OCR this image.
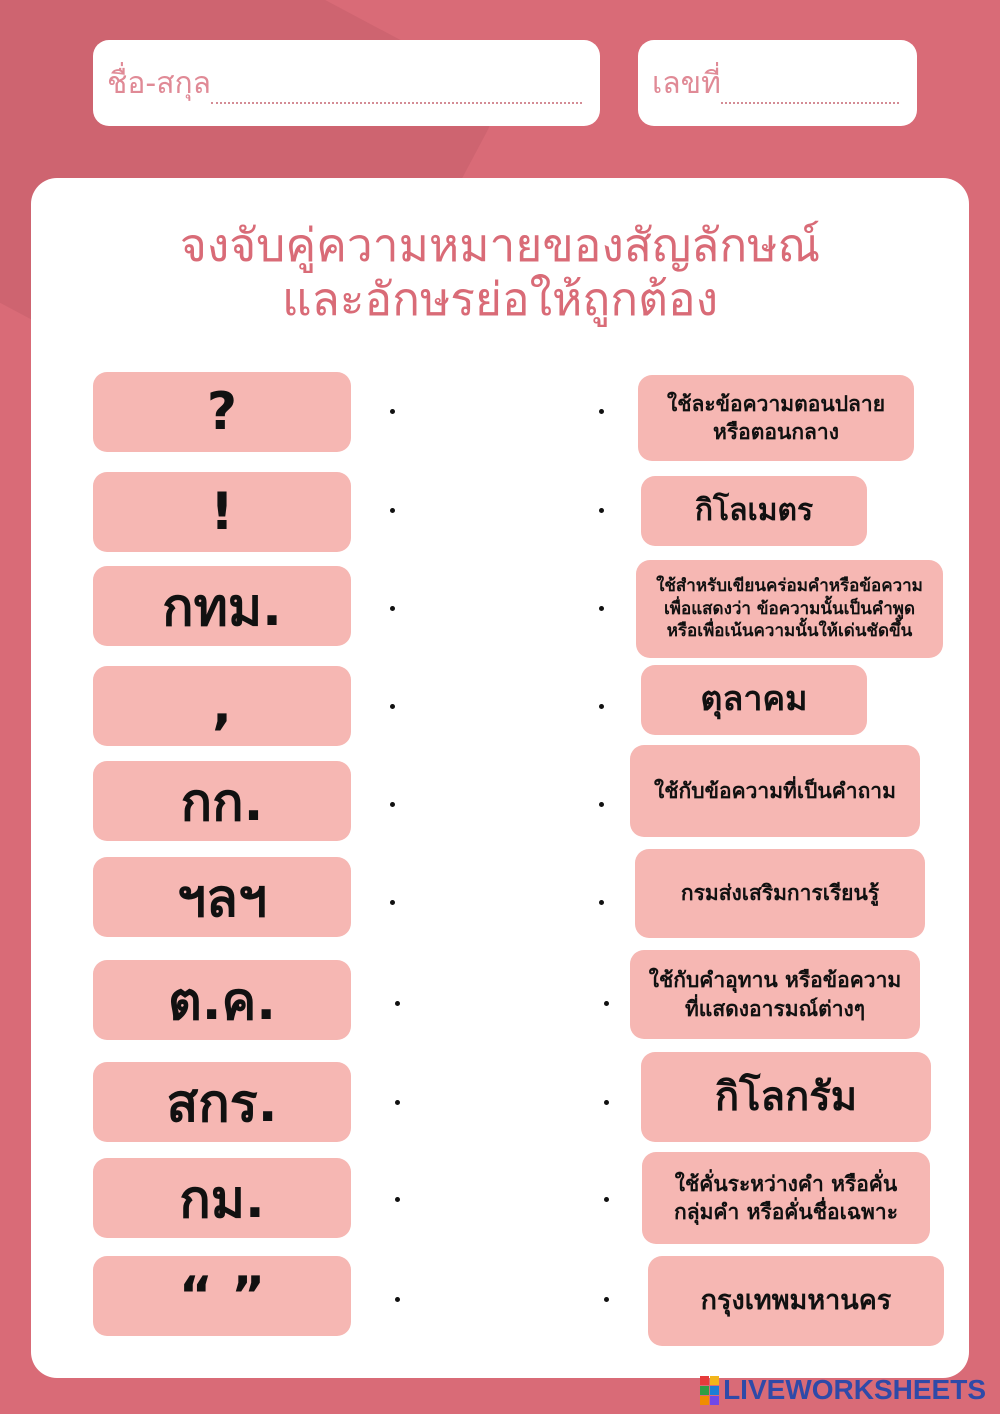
ชื่อ-สกุล	เลขที่
จงจับคู่ความหมายของสัญลักษณ์
และอักษรย่อให้ถูกต้อง
?
!
กทม.
,
กก.
ฯลฯ
ต.ค.
สกร.
กม.
“ ”
ใช้ละข้อความตอนปลาย
หรือตอนกลาง
กิโลเมตร
ใช้สำหรับเขียนคร่อมคำหรือข้อความ
เพื่อแสดงว่า ข้อความนั้นเป็นคำพูด
หรือเพื่อเน้นความนั้นให้เด่นชัดขึ้น
ตุลาคม
ใช้กับข้อความที่เป็นคำถาม
กรมส่งเสริมการเรียนรู้
ใช้กับคำอุทาน หรือข้อความ
ที่แสดงอารมณ์ต่างๆ
กิโลกรัม
ใช้คั่นระหว่างคำ หรือคั่น
กลุ่มคำ หรือคั่นชื่อเฉพาะ
กรุงเทพมหานคร
LIVEWORKSHEETS
